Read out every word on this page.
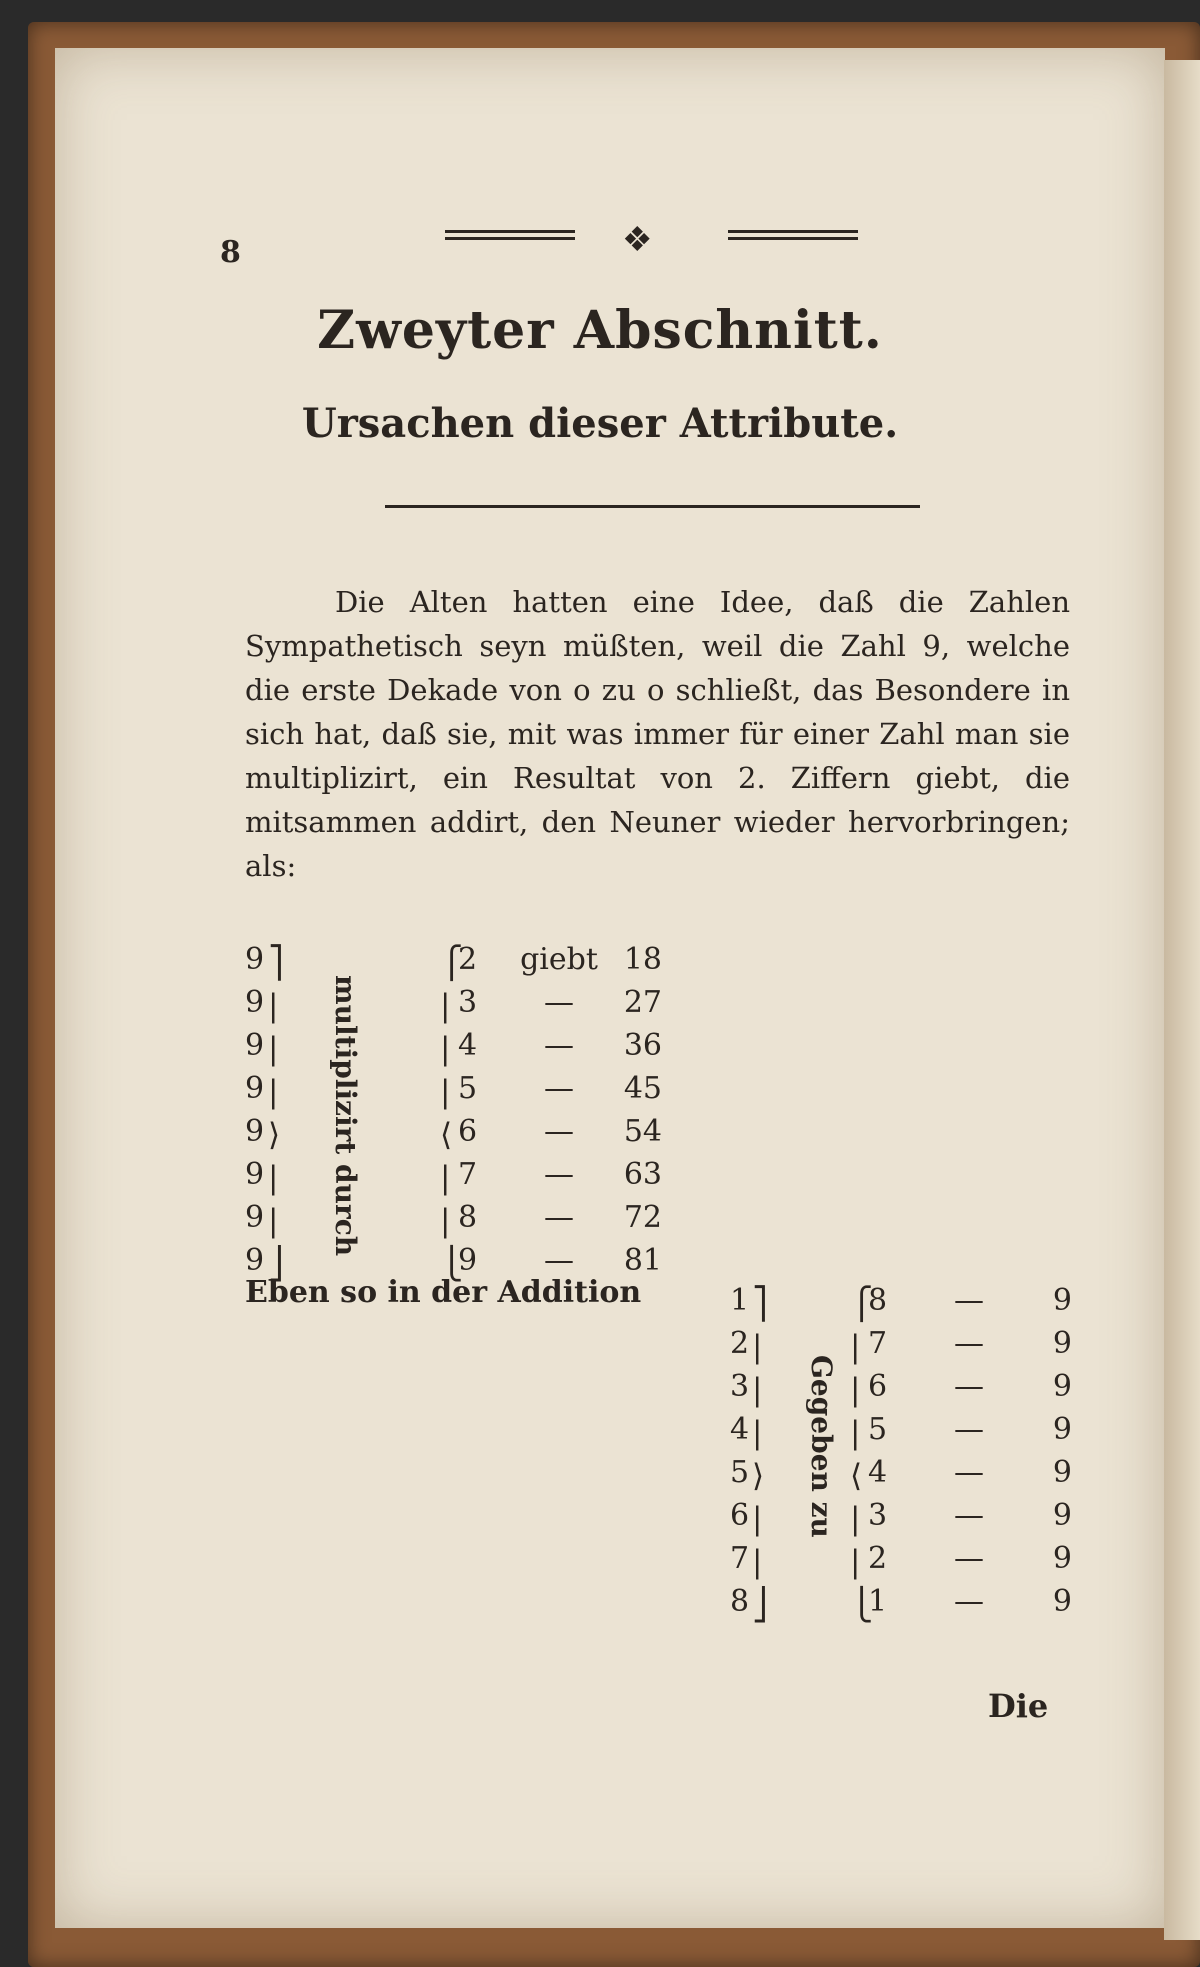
8	❖
Zweyter Abschnitt.
Ursachen dieser Attribute.

Die Alten hatten eine Idee, daß die Zahlen Sympathetisch seyn müßten, weil die Zahl 9, welche die erste Dekade von o zu o schließt, das Besondere in sich hat, daß sie, mit was immer für einer Zahl man sie multiplizirt, ein Resultat von 2. Ziffern giebt, die mitsammen addirt, den Neuner wieder hervorbringen; als:

9
9
9
9
9
9
9
9
⎤
|
|
|
⟩
|
|
⎦
multiplizirt durch
⎧
|
|
|
⟨
|
|
⎩
2 giebt 18
3 — 27
4 — 36
5 — 45
6 — 54
7 — 63
8 — 72
9 — 81
Eben so in der Addition	1
2
3
4
5
6
7
8
⎤
|
|
|
⟩
|
|
⎦
Gegeben zu
⎧
|
|
|
⟨
|
|
⎩
8 — 9
7 — 9
6 — 9
5 — 9
4 — 9
3 — 9
2 — 9
1 — 9
Die
